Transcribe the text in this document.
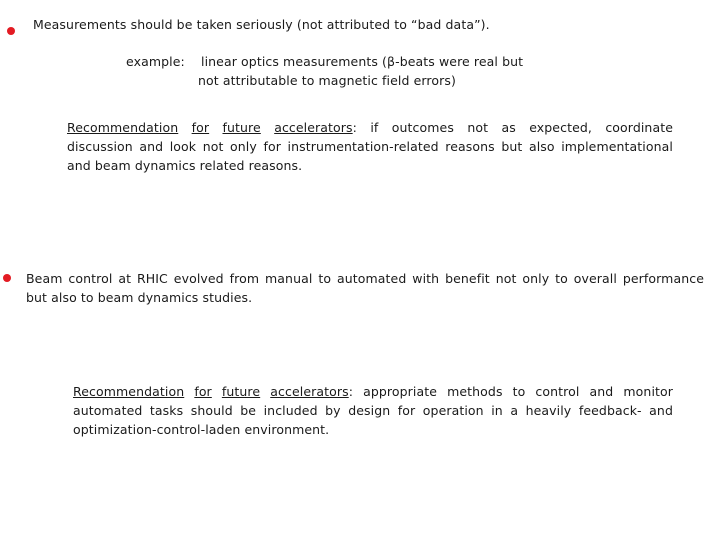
Measurements should be taken seriously (not attributed to “bad data”).
example: linear optics measurements (β-beats were real but
not attributable to magnetic field errors)
Recommendation for future accelerators: if outcomes not as expected, coordinate
discussion and look not only for instrumentation-related reasons but also implementational
and beam dynamics related reasons.
Beam control at RHIC evolved from manual to automated with benefit not only to overall performance
but also to beam dynamics studies.
Recommendation for future accelerators: appropriate methods to control and monitor
automated tasks should be included by design for operation in a heavily feedback- and
optimization-control-laden environment.
